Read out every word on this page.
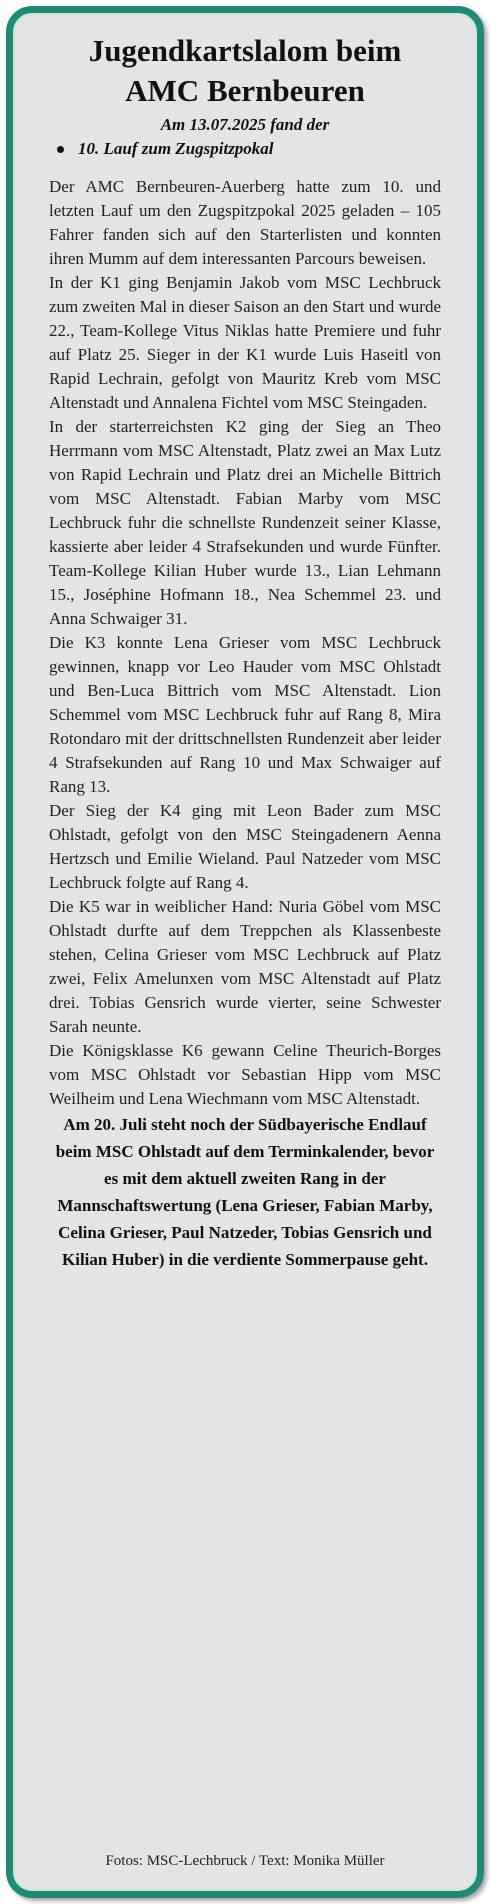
Jugendkartslalom beim
AMC Bernbeuren
Am 13.07.2025 fand der
10. Lauf zum Zugspitzpokal

Der AMC Bernbeuren-Auerberg hatte zum 10. und letzten Lauf um den Zugspitzpokal 2025 geladen – 105 Fahrer fanden sich auf den Starterlisten und konnten ihren Mumm auf dem interessanten Parcours beweisen.

In der K1 ging Benjamin Jakob vom MSC Lechbruck zum zweiten Mal in dieser Saison an den Start und wurde 22., Team-Kollege Vitus Niklas hatte Premiere und fuhr auf Platz 25. Sieger in der K1 wurde Luis Haseitl von Rapid Lechrain, gefolgt von Mauritz Kreb vom MSC Altenstadt und Annalena Fichtel vom MSC Steingaden.

In der starterreichsten K2 ging der Sieg an Theo Herrmann vom MSC Altenstadt, Platz zwei an Max Lutz von Rapid Lechrain und Platz drei an Michelle Bittrich vom MSC Altenstadt. Fabian Marby vom MSC Lechbruck fuhr die schnellste Rundenzeit seiner Klasse, kassierte aber leider 4 Strafsekunden und wurde Fünfter. Team-Kollege Kilian Huber wurde 13., Lian Lehmann 15., Joséphine Hofmann 18., Nea Schemmel 23. und Anna Schwaiger 31.

Die K3 konnte Lena Grieser vom MSC Lechbruck gewinnen, knapp vor Leo Hauder vom MSC Ohlstadt und Ben-Luca Bittrich vom MSC Altenstadt. Lion Schemmel vom MSC Lechbruck fuhr auf Rang 8, Mira Rotondaro mit der drittschnellsten Rundenzeit aber leider 4 Strafsekunden auf Rang 10 und Max Schwaiger auf Rang 13.

Der Sieg der K4 ging mit Leon Bader zum MSC Ohlstadt, gefolgt von den MSC Steingadenern Aenna Hertzsch und Emilie Wieland. Paul Natzeder vom MSC Lechbruck folgte auf Rang 4.

Die K5 war in weiblicher Hand: Nuria Göbel vom MSC Ohlstadt durfte auf dem Treppchen als Klassenbeste stehen, Celina Grieser vom MSC Lechbruck auf Platz zwei, Felix Amelunxen vom MSC Altenstadt auf Platz drei. Tobias Gensrich wurde vierter, seine Schwester Sarah neunte.

Die Königsklasse K6 gewann Celine Theurich-Borges vom MSC Ohlstadt vor Sebastian Hipp vom MSC Weilheim und Lena Wiechmann vom MSC Altenstadt.

Am 20. Juli steht noch der Südbayerische Endlauf beim MSC Ohlstadt auf dem Terminkalender, bevor es mit dem aktuell zweiten Rang in der Mannschaftswertung (Lena Grieser, Fabian Marby, Celina Grieser, Paul Natzeder, Tobias Gensrich und Kilian Huber) in die verdiente Sommerpause geht.

Fotos: MSC-Lechbruck / Text: Monika Müller
